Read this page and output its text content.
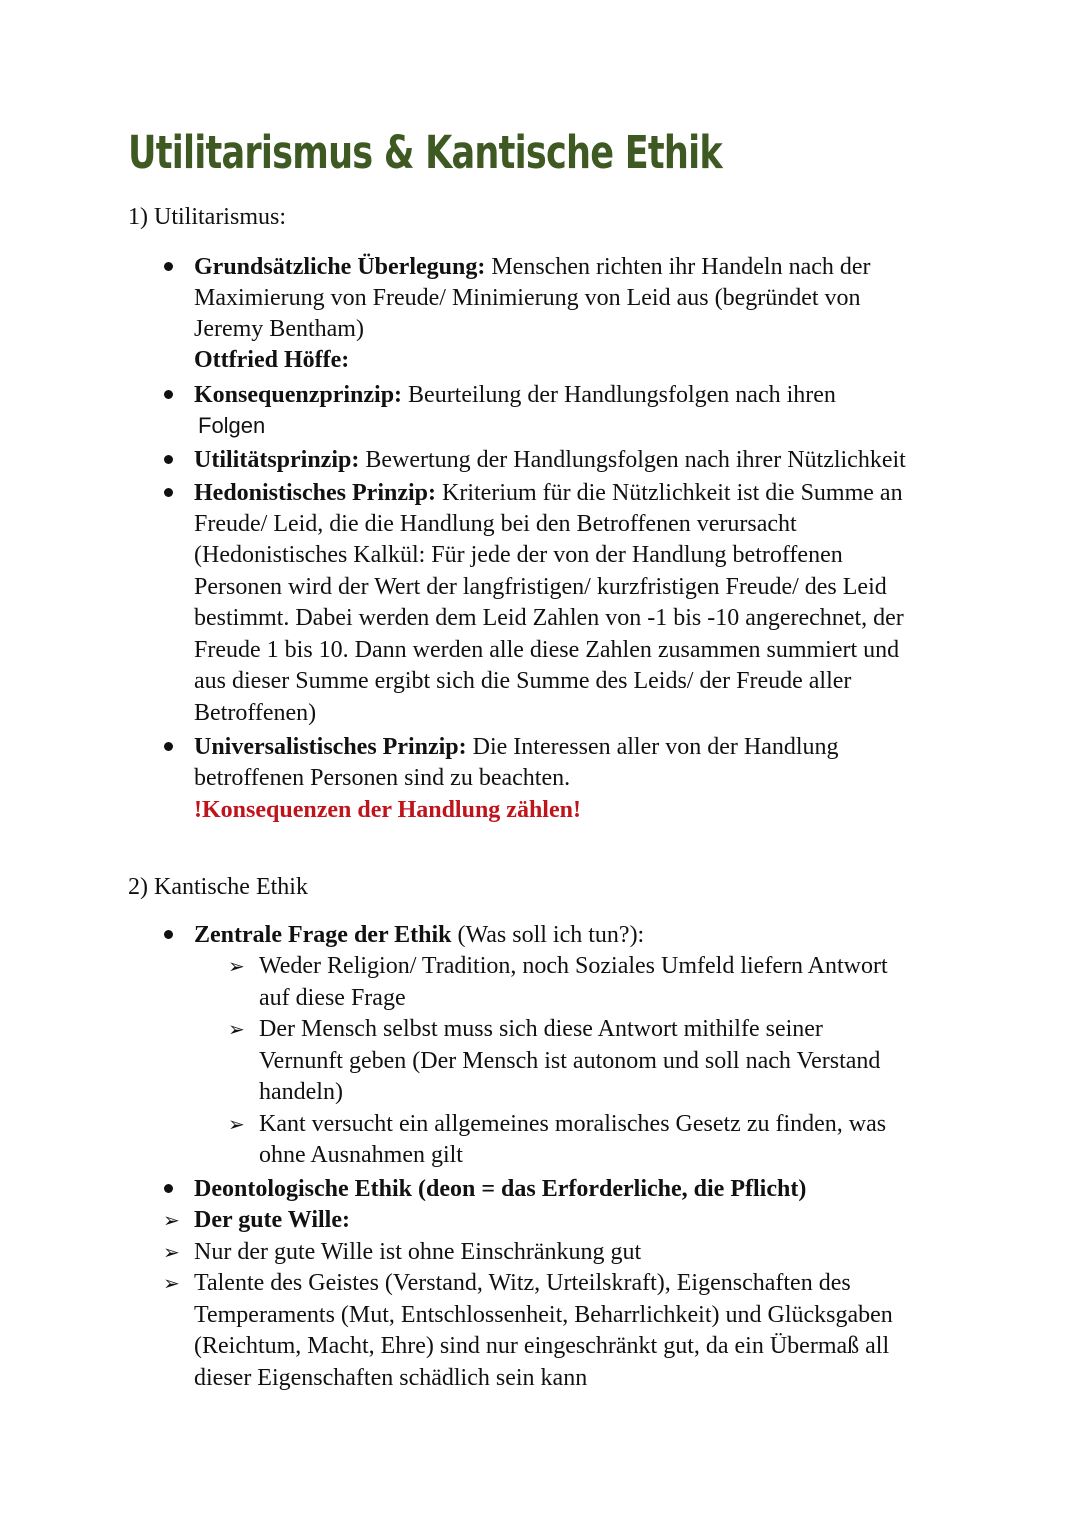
Utilitarismus & Kantische Ethik
1) Utilitarismus:
Grundsätzliche Überlegung: Menschen richten ihr Handeln nach der
Maximierung von Freude/ Minimierung von Leid aus (begründet von
Jeremy Bentham)
Ottfried Höffe:
Konsequenzprinzip: Beurteilung der Handlungsfolgen nach ihren
Folgen
Utilitätsprinzip: Bewertung der Handlungsfolgen nach ihrer Nützlichkeit
Hedonistisches Prinzip: Kriterium für die Nützlichkeit ist die Summe an
Freude/ Leid, die die Handlung bei den Betroffenen verursacht
(Hedonistisches Kalkül: Für jede der von der Handlung betroffenen
Personen wird der Wert der langfristigen/ kurzfristigen Freude/ des Leid
bestimmt. Dabei werden dem Leid Zahlen von -1 bis -10 angerechnet, der
Freude 1 bis 10. Dann werden alle diese Zahlen zusammen summiert und
aus dieser Summe ergibt sich die Summe des Leids/ der Freude aller
Betroffenen)
Universalistisches Prinzip: Die Interessen aller von der Handlung
betroffenen Personen sind zu beachten.
!Konsequenzen der Handlung zählen!
2) Kantische Ethik
Zentrale Frage der Ethik (Was soll ich tun?):
➢ Weder Religion/ Tradition, noch Soziales Umfeld liefern Antwort
auf diese Frage
➢ Der Mensch selbst muss sich diese Antwort mithilfe seiner
Vernunft geben (Der Mensch ist autonom und soll nach Verstand
handeln)
➢ Kant versucht ein allgemeines moralisches Gesetz zu finden, was
ohne Ausnahmen gilt
Deontologische Ethik (deon = das Erforderliche, die Pflicht)
➢ Der gute Wille:
➢ Nur der gute Wille ist ohne Einschränkung gut
➢ Talente des Geistes (Verstand, Witz, Urteilskraft), Eigenschaften des
Temperaments (Mut, Entschlossenheit, Beharrlichkeit) und Glücksgaben
(Reichtum, Macht, Ehre) sind nur eingeschränkt gut, da ein Übermaß all
dieser Eigenschaften schädlich sein kann
